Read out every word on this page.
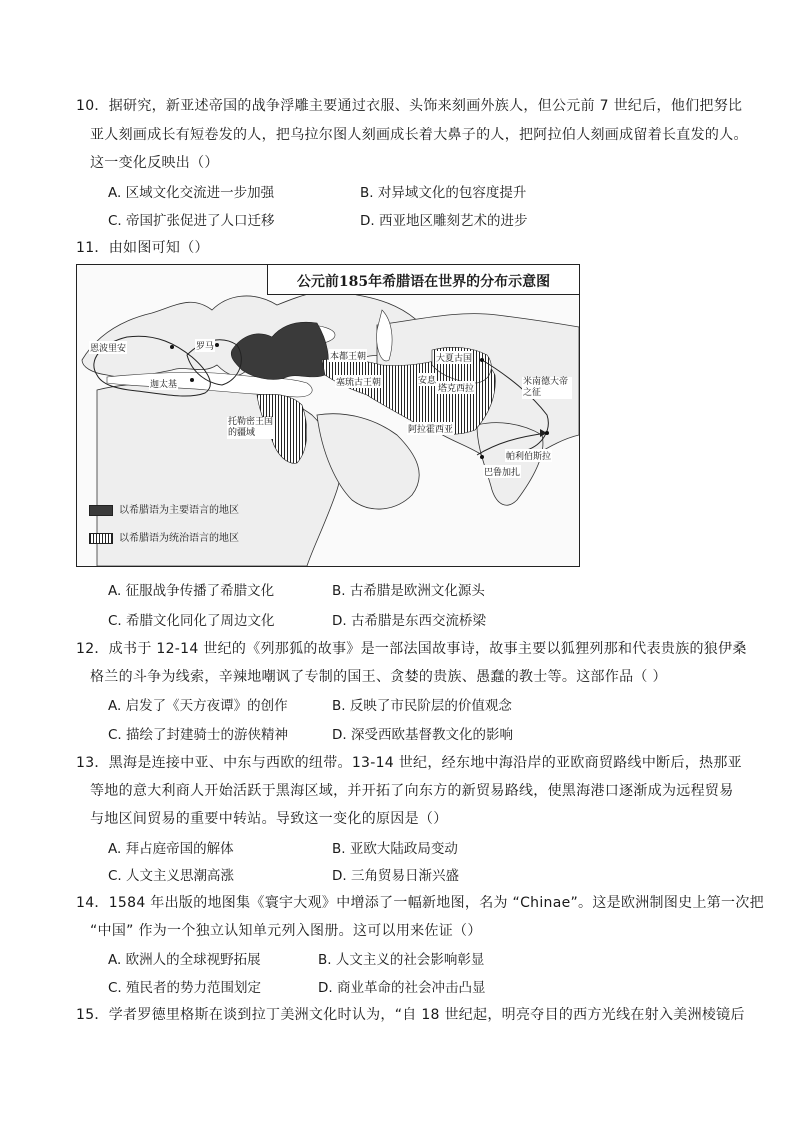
10．据研究，新亚述帝国的战争浮雕主要通过衣服、头饰来刻画外族人，但公元前 7 世纪后，他们把努比
亚人刻画成长有短卷发的人，把乌拉尔图人刻画成长着大鼻子的人，把阿拉伯人刻画成留着长直发的人。
这一变化反映出（）
A. 区域文化交流进一步加强	B. 对异域文化的包容度提升
C. 帝国扩张促进了人口迁移	D. 西亚地区雕刻艺术的进步
11．由如图可知（）
公元前185年希腊语在世界的分布示意图
恩波里安	罗马
迦太基
本都王朝
塞琉古王朝
托勒密王国的疆域
安息
大夏古国
塔克西拉
米南德大帝之征
阿拉霍西亚
帕利伯斯拉
巴鲁加扎
以希腊语为主要语言的地区
以希腊语为统治语言的地区
A. 征服战争传播了希腊文化	B. 古希腊是欧洲文化源头
C. 希腊文化同化了周边文化	D. 古希腊是东西交流桥梁
12．成书于 12-14 世纪的《列那狐的故事》是一部法国故事诗，故事主要以狐狸列那和代表贵族的狼伊桑
格兰的斗争为线索，辛辣地嘲讽了专制的国王、贪婪的贵族、愚蠢的教士等。这部作品（ ）
A. 启发了《天方夜谭》的创作	B. 反映了市民阶层的价值观念
C. 描绘了封建骑士的游侠精神	D. 深受西欧基督教文化的影响
13．黑海是连接中亚、中东与西欧的纽带。13-14 世纪，经东地中海沿岸的亚欧商贸路线中断后，热那亚
等地的意大利商人开始活跃于黑海区域，并开拓了向东方的新贸易路线，使黑海港口逐渐成为远程贸易
与地区间贸易的重要中转站。导致这一变化的原因是（）
A. 拜占庭帝国的解体	B. 亚欧大陆政局变动
C. 人文主义思潮高涨	D. 三角贸易日渐兴盛
14．1584 年出版的地图集《寰宇大观》中增添了一幅新地图，名为 “Chinae”。这是欧洲制图史上第一次把
“中国” 作为一个独立认知单元列入图册。这可以用来佐证（）
A. 欧洲人的全球视野拓展	B. 人文主义的社会影响彰显
C. 殖民者的势力范围划定	D. 商业革命的社会冲击凸显
15．学者罗德里格斯在谈到拉丁美洲文化时认为，“自 18 世纪起，明亮夺目的西方光线在射入美洲棱镜后
